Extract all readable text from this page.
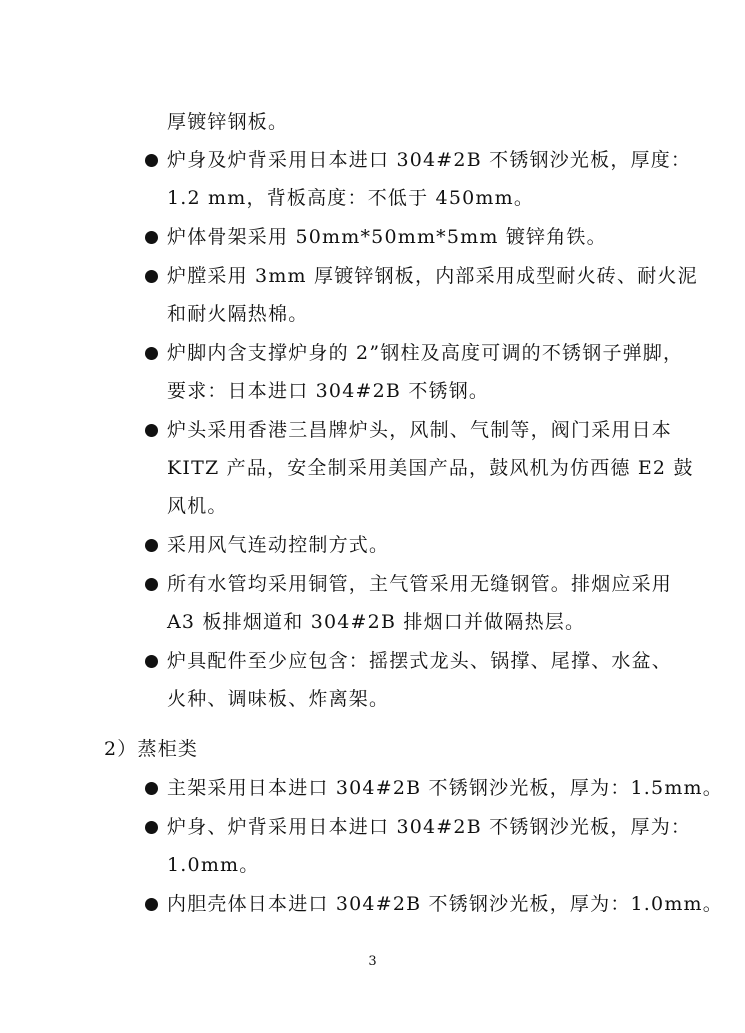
厚镀锌钢板。
炉身及炉背采用日本进口 304#2B 不锈钢沙光板，厚度：
1.2 mm，背板高度：不低于 450mm。
炉体骨架采用 50mm*50mm*5mm 镀锌角铁。
炉膛采用 3mm 厚镀锌钢板，内部采用成型耐火砖、耐火泥
和耐火隔热棉。
炉脚内含支撑炉身的 2”钢柱及高度可调的不锈钢子弹脚，
要求：日本进口 304#2B 不锈钢。
炉头采用香港三昌牌炉头，风制、气制等，阀门采用日本
KITZ 产品，安全制采用美国产品，鼓风机为仿西德 E2 鼓
风机。
采用风气连动控制方式。
所有水管均采用铜管，主气管采用无缝钢管。排烟应采用
A3 板排烟道和 304#2B 排烟口并做隔热层。
炉具配件至少应包含：摇摆式龙头、锅撑、尾撑、水盆、
火种、调味板、炸离架。
2）蒸柜类
主架采用日本进口 304#2B 不锈钢沙光板，厚为：1.5mm。
炉身、炉背采用日本进口 304#2B 不锈钢沙光板，厚为：
1.0mm。
内胆壳体日本进口 304#2B 不锈钢沙光板，厚为：1.0mm。
3
